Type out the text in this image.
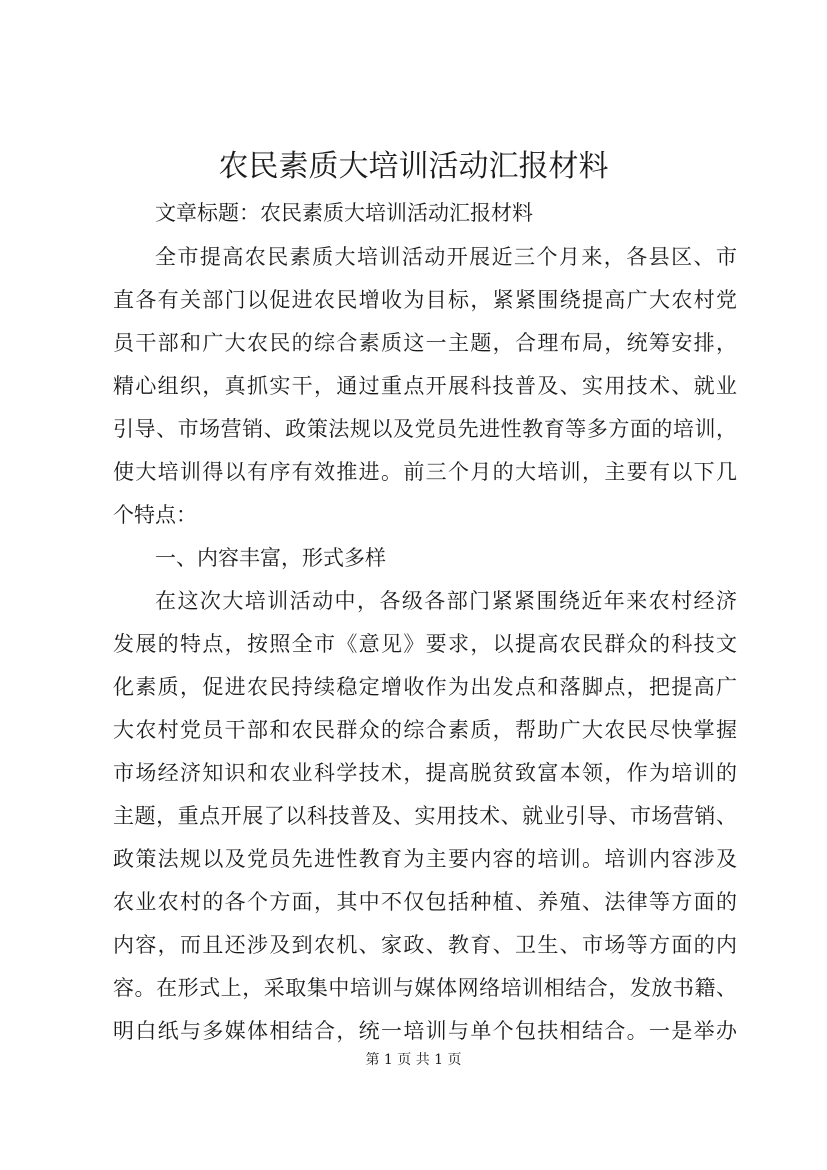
农民素质大培训活动汇报材料
文章标题：农民素质大培训活动汇报材料
全市提高农民素质大培训活动开展近三个月来，各县区、市
直各有关部门以促进农民增收为目标，紧紧围绕提高广大农村党
员干部和广大农民的综合素质这一主题，合理布局，统筹安排，
精心组织，真抓实干，通过重点开展科技普及、实用技术、就业
引导、市场营销、政策法规以及党员先进性教育等多方面的培训，
使大培训得以有序有效推进。前三个月的大培训，主要有以下几
个特点：
一、内容丰富，形式多样
在这次大培训活动中，各级各部门紧紧围绕近年来农村经济
发展的特点，按照全市《意见》要求，以提高农民群众的科技文
化素质，促进农民持续稳定增收作为出发点和落脚点，把提高广
大农村党员干部和农民群众的综合素质，帮助广大农民尽快掌握
市场经济知识和农业科学技术，提高脱贫致富本领，作为培训的
主题，重点开展了以科技普及、实用技术、就业引导、市场营销、
政策法规以及党员先进性教育为主要内容的培训。培训内容涉及
农业农村的各个方面，其中不仅包括种植、养殖、法律等方面的
内容，而且还涉及到农机、家政、教育、卫生、市场等方面的内
容。在形式上，采取集中培训与媒体网络培训相结合，发放书籍、
明白纸与多媒体相结合，统一培训与单个包扶相结合。一是举办
第 1 页 共 1 页
